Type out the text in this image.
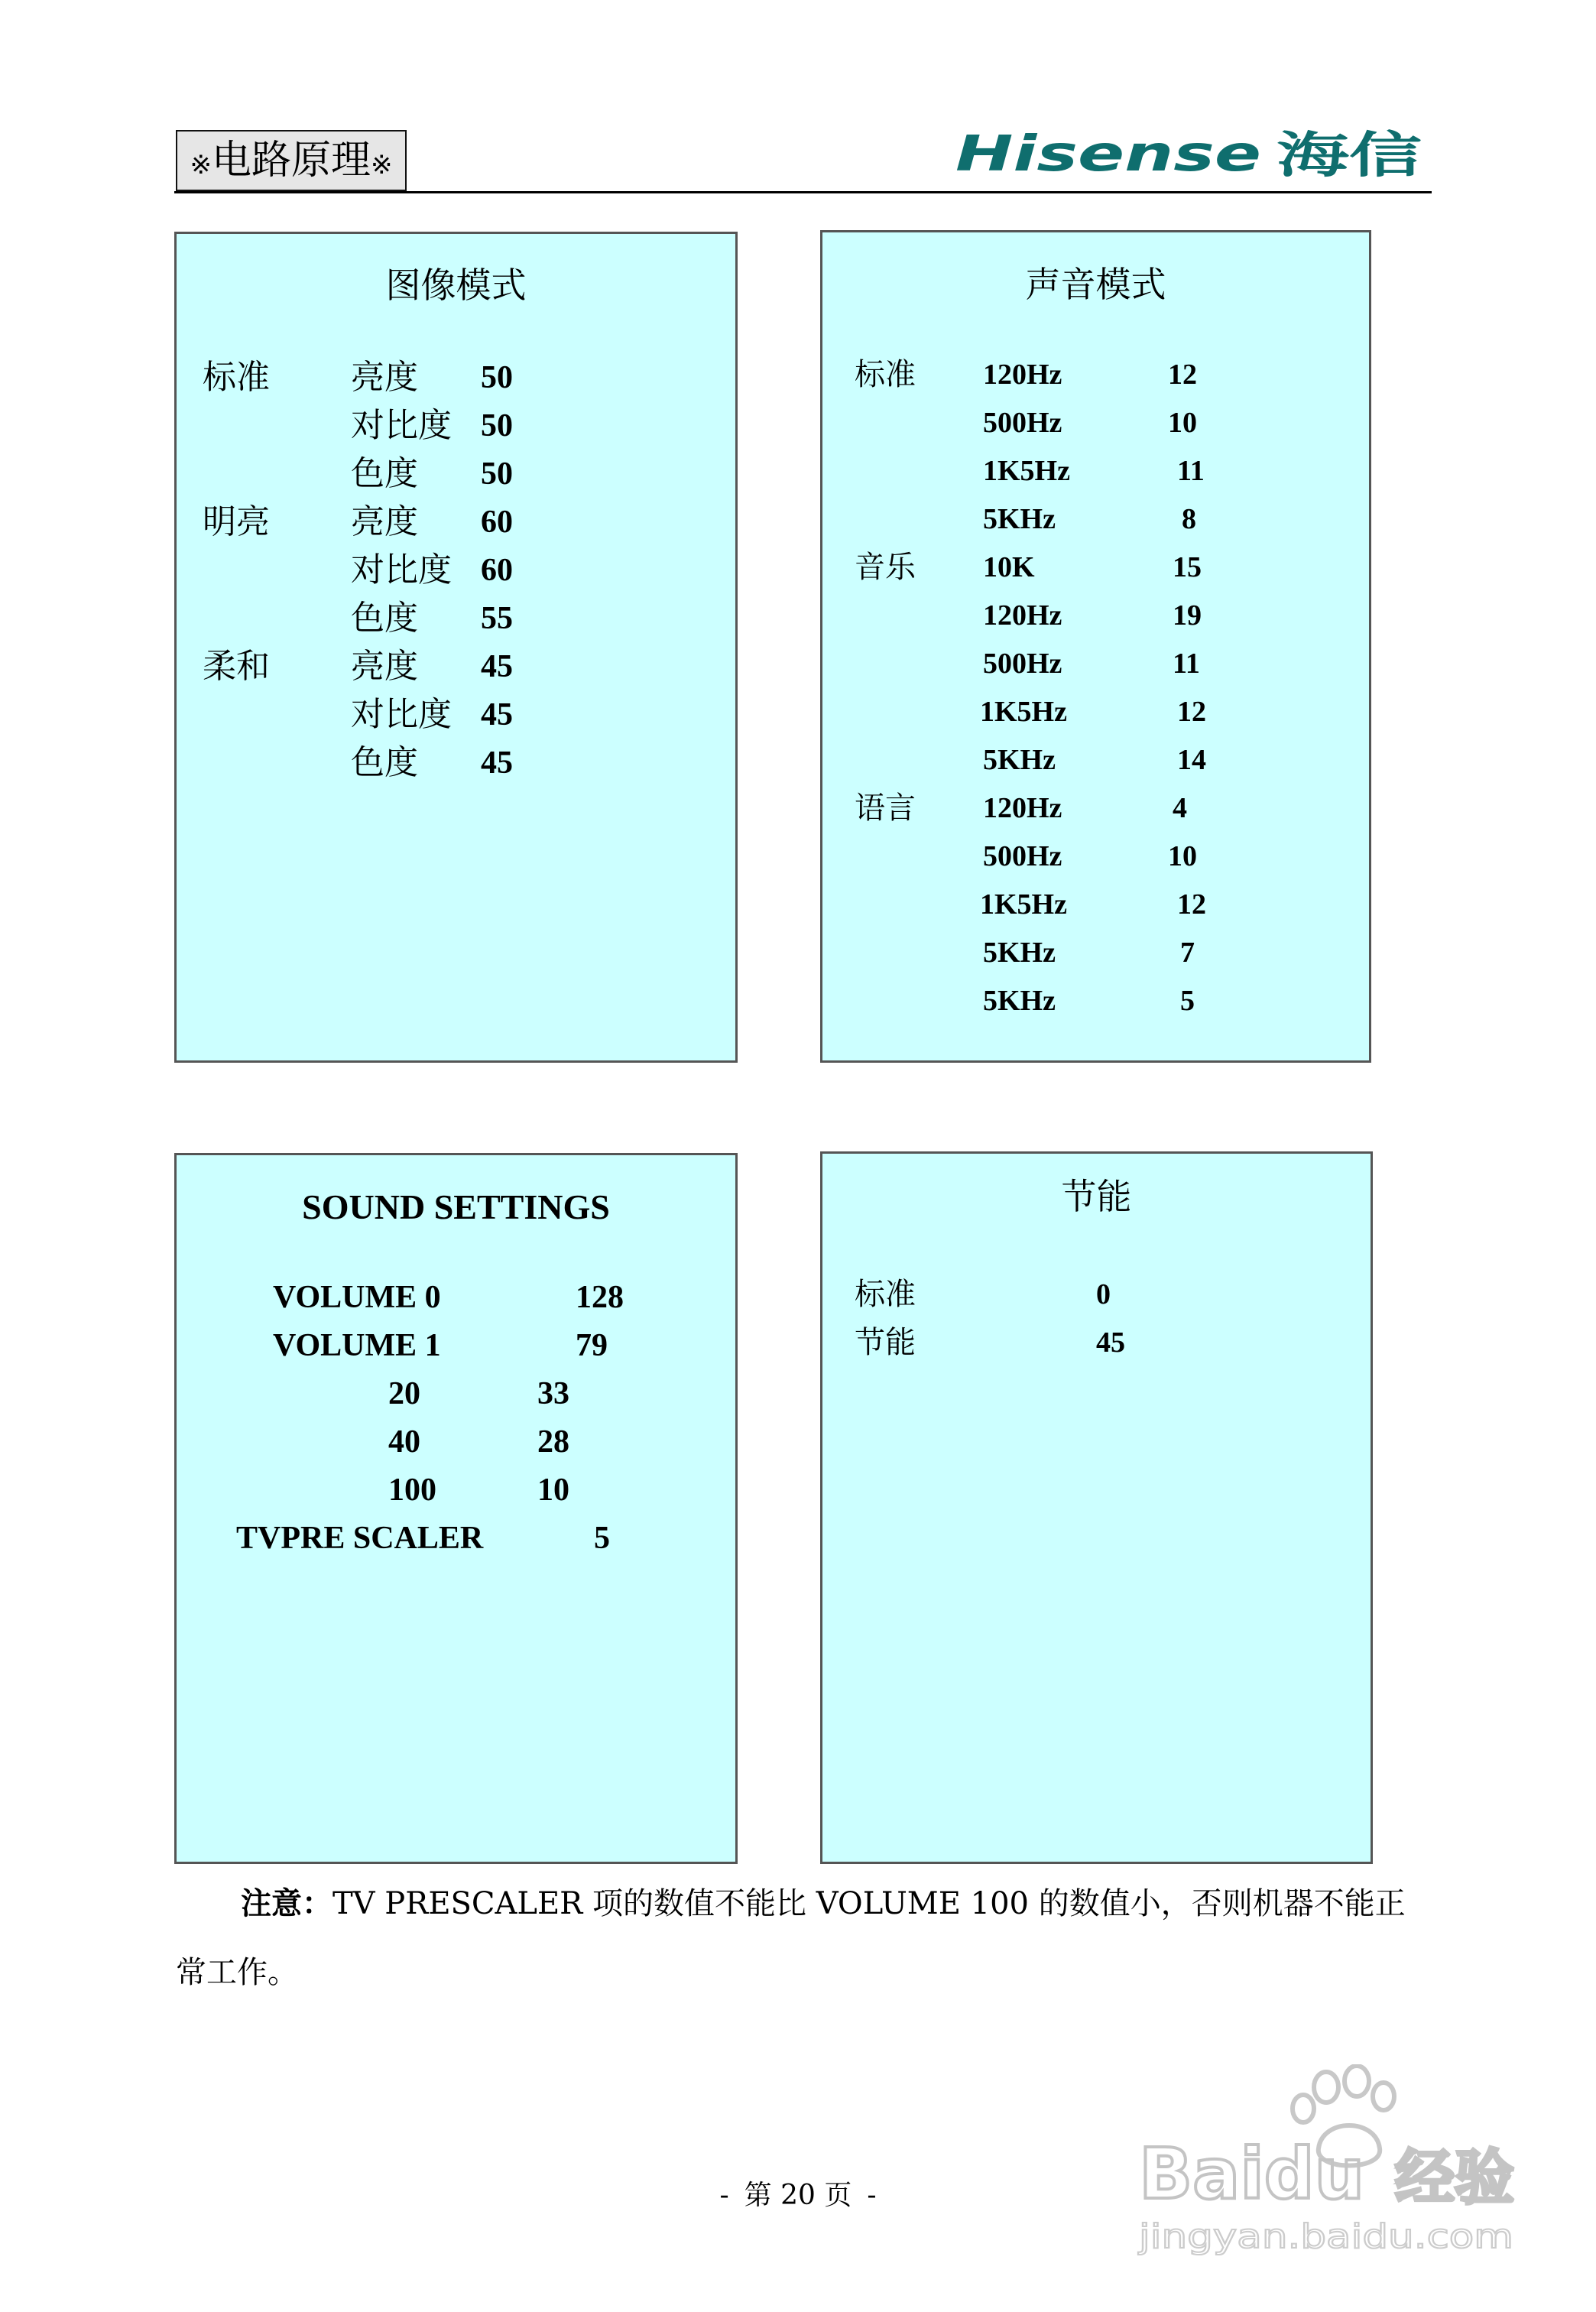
※电路原理※	Hisense 海信
图像模式
标准 亮度 50
对比度 50
色度 50
明亮 亮度 60
对比度 60
色度 55
柔和 亮度 45
对比度 45
色度 45
声音模式
标准 120Hz	12
500Hz	10
1K5Hz	11
5KHz	8
音乐 10K	15
120Hz	19
500Hz	11
1K5Hz	12
5KHz	14
语言 120Hz	4
500Hz	10
1K5Hz	12
5KHz	7
5KHz	5
SOUND SETTINGS
VOLUME 0	128
VOLUME 1	79
20	33
40	28
100	10
TVPRE SCALER	5
节能
标准	0
节能	45
注意：TV PRESCALER 项的数值不能比 VOLUME 100 的数值小，否则机器不能正
常工作。
- 第 20 页 -	Baidu 经验
jingyan.baidu.com
